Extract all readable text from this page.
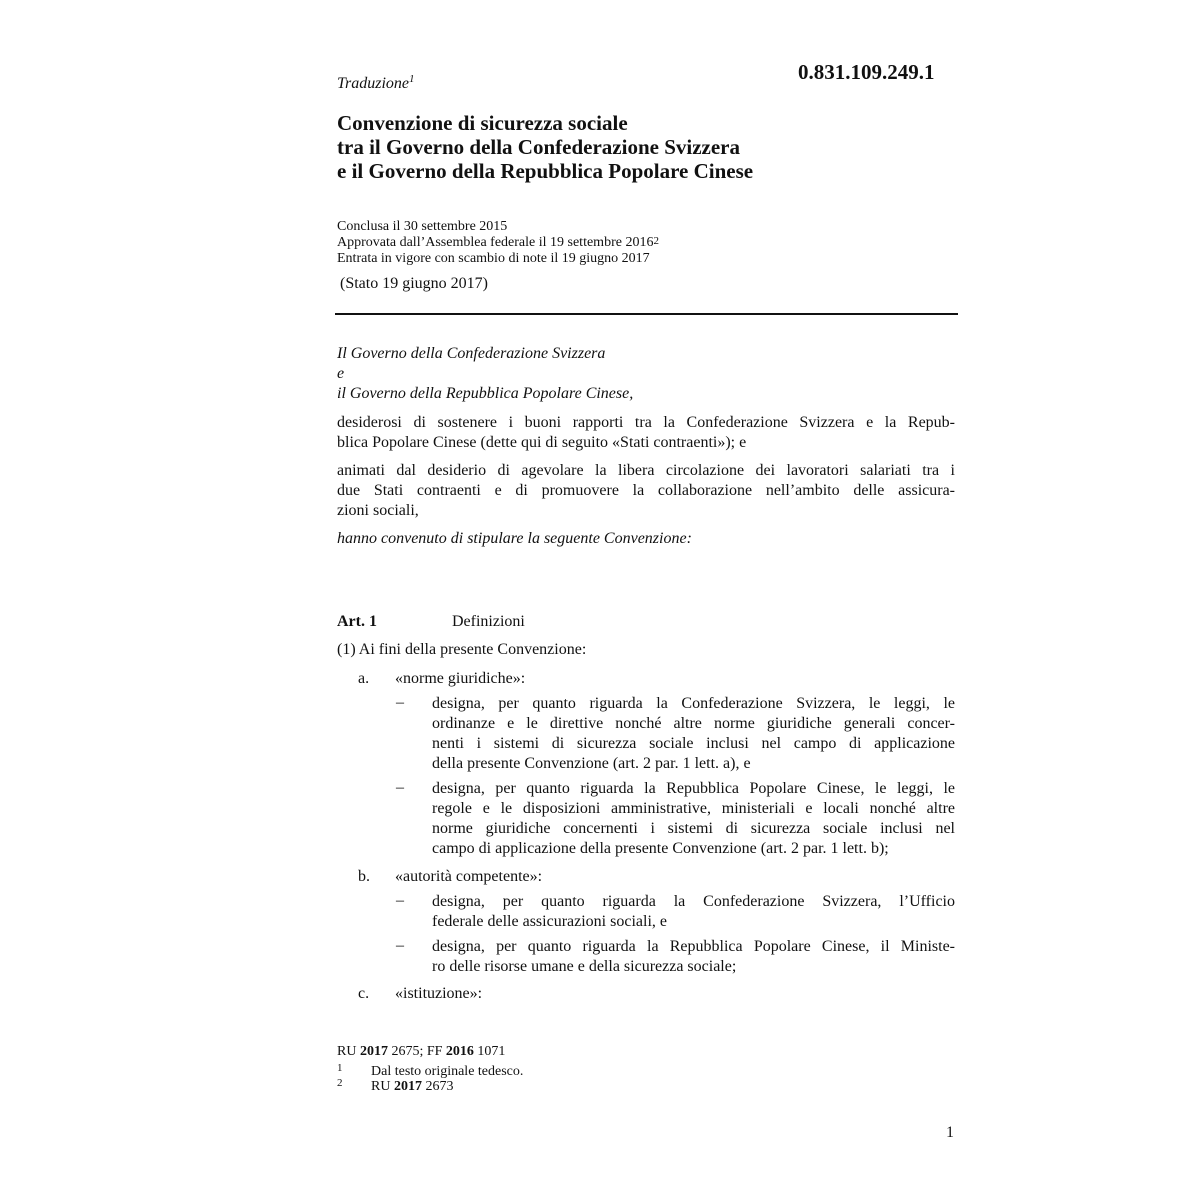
0.831.109.249.1
Traduzione$^1$
Convenzione di sicurezza sociale
tra il Governo della Confederazione Svizzera
e il Governo della Repubblica Popolare Cinese
Conclusa il 30 settembre 2015
Approvata dall’Assemblea federale il 19 settembre 2016$^2$
Entrata in vigore con scambio di note il 19 giugno 2017
(Stato 19 giugno 2017)
Il Governo della Confederazione Svizzera
e
il Governo della Repubblica Popolare Cinese,
desiderosi di sostenere i buoni rapporti tra la Confederazione Svizzera e la Repub-
blica Popolare Cinese (dette qui di seguito «Stati contraenti»); e
animati dal desiderio di agevolare la libera circolazione dei lavoratori salariati tra i
due Stati contraenti e di promuovere la collaborazione nell’ambito delle assicura-
zioni sociali,
hanno convenuto di stipulare la seguente Convenzione:
Art. 1	Definizioni
(1) Ai fini della presente Convenzione:
a. «norme giuridiche»:
– designa, per quanto riguarda la Confederazione Svizzera, le leggi, le
ordinanze e le direttive nonché altre norme giuridiche generali concer-
nenti i sistemi di sicurezza sociale inclusi nel campo di applicazione
della presente Convenzione (art. 2 par. 1 lett. a), e
– designa, per quanto riguarda la Repubblica Popolare Cinese, le leggi, le
regole e le disposizioni amministrative, ministeriali e locali nonché altre
norme giuridiche concernenti i sistemi di sicurezza sociale inclusi nel
campo di applicazione della presente Convenzione (art. 2 par. 1 lett. b);
b. «autorità competente»:
– designa, per quanto riguarda la Confederazione Svizzera, l’Ufficio
federale delle assicurazioni sociali, e
– designa, per quanto riguarda la Repubblica Popolare Cinese, il Ministe-
ro delle risorse umane e della sicurezza sociale;
c. «istituzione»:
RU 2017 2675; FF 2016 1071
1 Dal testo originale tedesco.
2 RU 2017 2673
1
